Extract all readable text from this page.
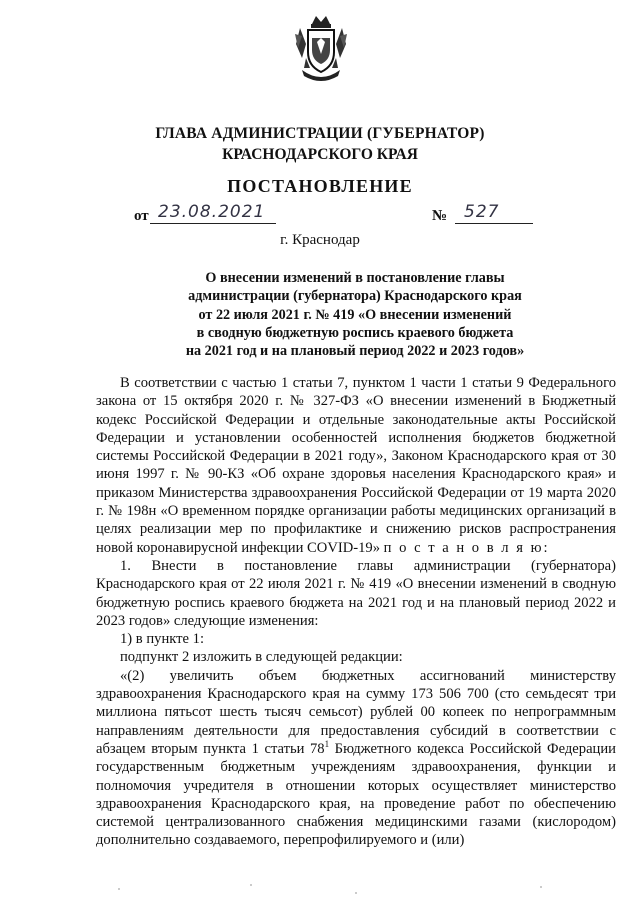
ГЛАВА АДМИНИСТРАЦИИ (ГУБЕРНАТОР)
КРАСНОДАРСКОГО КРАЯ
ПОСТАНОВЛЕНИЕ
от 23.08.2021	№ 527
г. Краснодар
О внесении изменений в постановление главы
администрации (губернатора) Краснодарского края
от 22 июля 2021 г. № 419 «О внесении изменений
в сводную бюджетную роспись краевого бюджета
на 2021 год и на плановый период 2022 и 2023 годов»

В соответствии с частью 1 статьи 7, пунктом 1 части 1 статьи 9 Федерального закона от 15 октября 2020 г. № 327-ФЗ «О внесении изменений в Бюджетный кодекс Российской Федерации и отдельные законодательные акты Российской Федерации и установлении особенностей исполнения бюджетов бюджетной системы Российской Федерации в 2021 году», Законом Краснодарского края от 30 июня 1997 г. № 90-КЗ «Об охране здоровья населения Краснодарского края» и приказом Министерства здравоохранения Российской Федерации от 19 марта 2020 г. № 198н «О временном порядке организации работы медицинских организаций в целях реализации мер по профилактике и снижению рисков распространения новой коронавирусной инфекции COVID-19» п о с т а н о в л я ю:

1. Внести в постановление главы администрации (губернатора) Краснодарского края от 22 июля 2021 г. № 419 «О внесении изменений в сводную бюджетную роспись краевого бюджета на 2021 год и на плановый период 2022 и 2023 годов» следующие изменения:

1) в пункте 1:

подпункт 2 изложить в следующей редакции:

«(2) увеличить объем бюджетных ассигнований министерству здравоохранения Краснодарского края на сумму 173 506 700 (сто семьдесят три миллиона пятьсот шесть тысяч семьсот) рублей 00 копеек по непрограммным направлениям деятельности для предоставления субсидий в соответствии с абзацем вторым пункта 1 статьи $78^1$ Бюджетного кодекса Российской Федерации государственным бюджетным учреждениям здравоохранения, функции и полномочия учредителя в отношении которых осуществляет министерство здравоохранения Краснодарского края, на проведение работ по обеспечению системой централизованного снабжения медицинскими газами (кислородом) дополнительно создаваемого, перепрофилируемого и (или)
